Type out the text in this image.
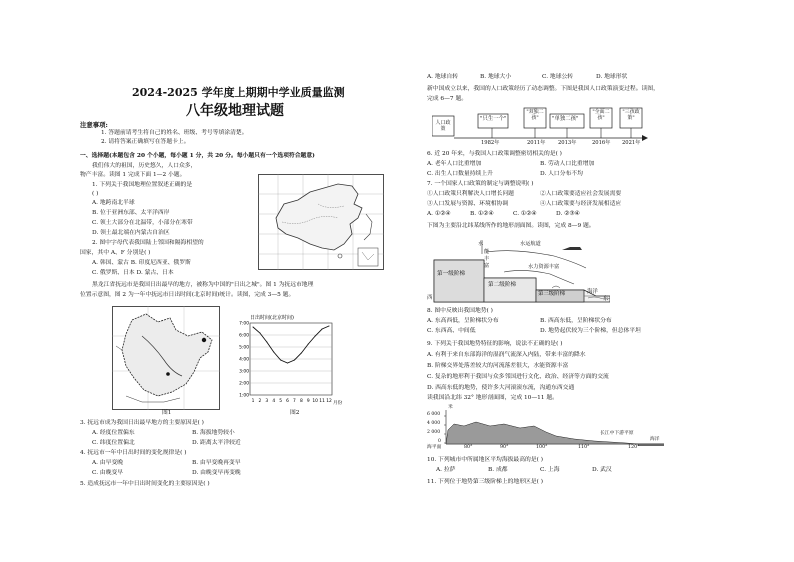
2024-2025 学年度上期期中学业质量监测
八年级地理试题
注意事项:
1. 答题前请考生将自己的姓名、班级、考号等填涂清楚。
2. 请将答案正确填写在答题卡上。
一、选择题(本题包含 20 个小题，每小题 1 分，共 20 分。每小题只有一个选项符合题意)
我们伟大的祖国，历史悠久，人口众多，
物产丰富。读图 1 完成下面 1—2 小题。
1. 下列关于我国地理位置叙述正确的是
( )
A. 地跨南北半球
B. 位于亚洲东部、太平洋西岸
C. 领土大部分在北温带，小部分在寒带
D. 领土最北端在内蒙古自治区
2. 图中字母代表我国陆上邻国和隔海相望的
国家，其中 A、F 分别是( )
A. 韩国、蒙古 B. 印度尼西亚、俄罗斯
C. 俄罗斯、日本 D. 蒙古、日本
黑龙江省抚远市是我国日出最早的地方，被称为中国的"日出之城"。图 1 为抚远市地理
位置示意图，图 2 为一年中抚远市日出时间(北京时间)统计。读图，完成 3—5 题。
日出时间(北京时间)
7:00
6:00
5:00
4:00
3:00
2:00
1:00
1 2 3 4 5 6 7 8 9 10 11 12 月份
图1	图2
3. 抚远市成为我国日出最早地方的主要原因是( )
A. 经度位置偏东	B. 海拔地势较小
C. 纬度位置偏北	D. 距离太平洋较近
4. 抚远市一年中日出时间的变化规律是( )
A. 由早变晚	B. 由早变晚再变早
C. 由晚变早	D. 由晚变早再变晚
5. 造成抚远市一年中日出时间变化的主要原因是( )
A. 地球自转	B. 地球大小	C. 地球公转	D. 地球形状
新中国成立以来，我国的人口政策经历了动态调整。下图是我国人口政策演变过程。读图，
完成 6—7 题。
人口政策
"只生一个"
"双独二孩"	"单独二孩"
"全面二孩"
"三孩政策"
1982年	2011年 2013年	2016年 2021年
6. 近 20 年来，与我国人口政策调整密切相关的是( )
A. 老年人口比重增加	B. 劳动人口比重增加
C. 出生人口数量持续上升	D. 人口分布不均
7. 一个国家人口政策的制定与调整说明( )
①人口政策只利解决人口增长问题	②人口政策要适应社会发展需要
③人口发展与资源、环境相协调	④人口政策要与经济发展相适应
A. ①②④	B. ①②④	C. ①②④	D. ②③④
下图为主要沿北纬某线所作的地形剖面图。读图，完成 8—9 题。
第一级阶梯
第二级阶梯
第三级阶梯	海洋
西	东
水
能
丰
富
水运航道
水力资源丰富
8. 图中反映出我国地势( )
A. 东高西低，呈阶梯状分布	B. 西高东低，呈阶梯状分布
C. 东西高、中间低	D. 地势起伏较为三个阶梯，但总体平坦
9. 下列关于我国地势特征的影响，说法不正确的是( )
A. 有利于来自东部海洋的湿润气流深入内陆，带来丰富的降水
B. 阶梯交界处落差较大的河流落差很大，水能资源丰富
C. 复杂的地形利于我国与众多邻国进行文化、政治、经济等方面的交流
D. 西高东低的地势，使许多大河滚滚东流，沟通东西交通
读我国沿北纬 32° 地形剖面图，完成 10—11 题。
6 000
4 000
2 000
0
米
海平面	80°	90°	100°	110°	120°
长江中下游平原
海洋
10. 下列城市中所属地区平均海拔最高的是( )
A. 拉萨	B. 成都	C. 上海	D. 武汉
11. 下列位于地势第三级阶梯上的地形区是( )
